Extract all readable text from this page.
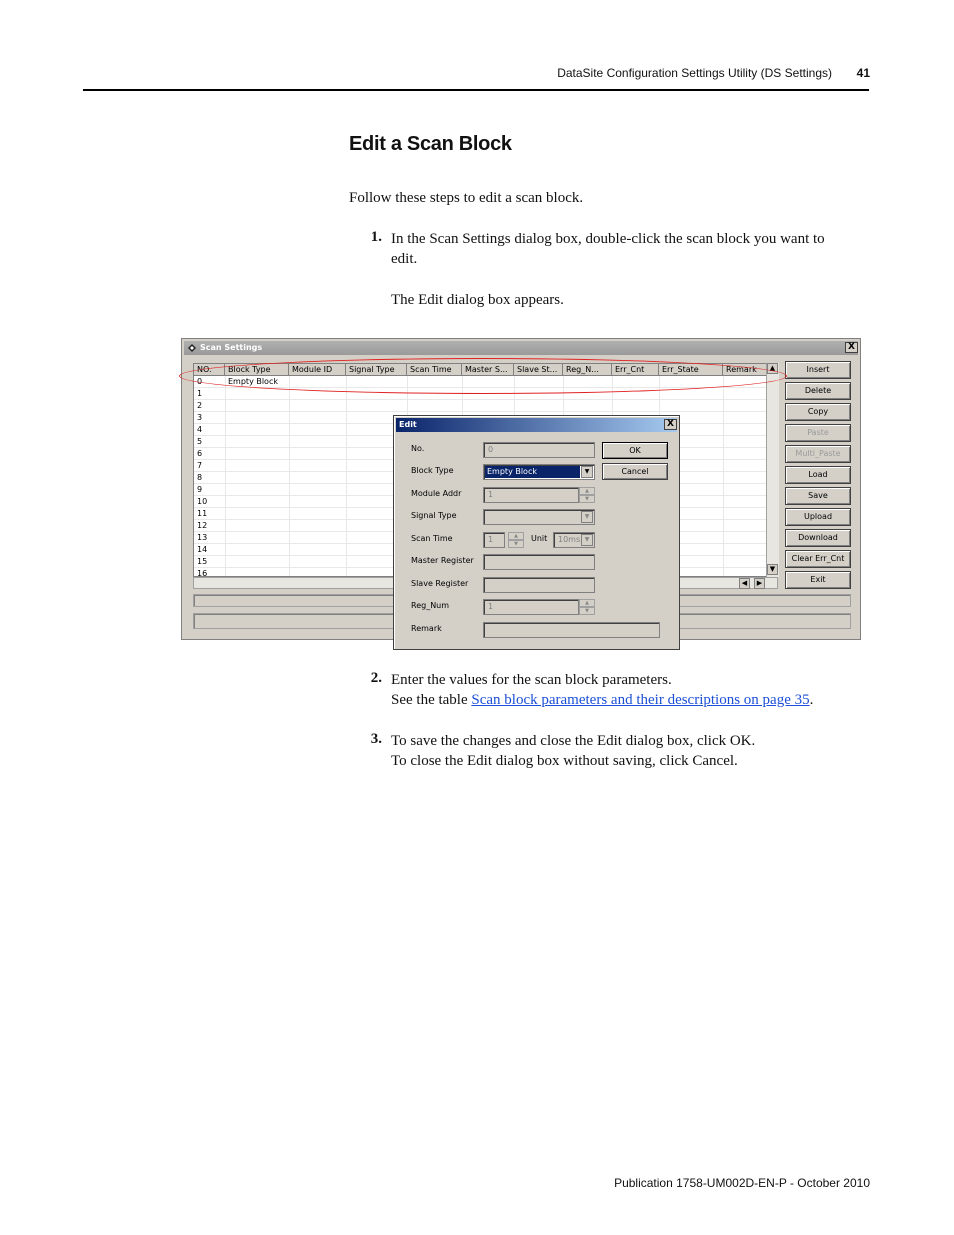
DataSite Configuration Settings Utility (DS Settings)	41
Edit a Scan Block
Follow these steps to edit a scan block.
1. In the Scan Settings dialog box, double-click the scan block you want to
edit.
The Edit dialog box appears.
Scan Settings	X
NO.	Block Type	Module ID	Signal Type	Scan Time	Master S...	Slave St...	Reg_N...	Err_Cnt	Err_State	Remark
0	Empty Block
1
2
3
4
5
6
7
8
9
10
11
12
13
14
15
16
▲
▼
◀	▶
Insert
Delete
Copy
Paste
Multi_Paste
Load
Save
Upload
Download
Clear Err_Cnt
Exit
Edit	X
No.	0
Block Type	Empty Block	▼
Module Addr	1	▲
▼
Signal Type	▼
Scan Time	1	▲
▼
Unit	10ms ▼
Master Register
Slave Register
Reg_Num	1	▲
▼
Remark
OK
Cancel
2. Enter the values for the scan block parameters.
See the table Scan block parameters and their descriptions on page 35.
3. To save the changes and close the Edit dialog box, click OK.
To close the Edit dialog box without saving, click Cancel.
Publication 1758-UM002D-EN-P - October 2010
